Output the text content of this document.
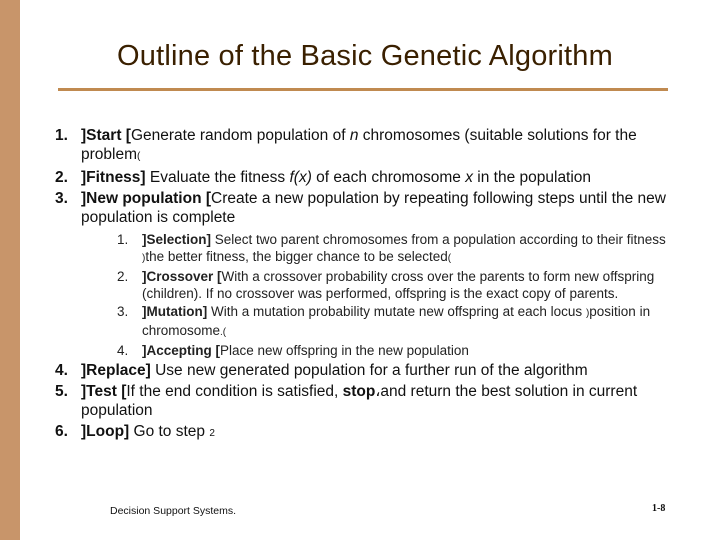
Outline of the Basic Genetic Algorithm
1. ]Start [Generate random population of n chromosomes (suitable solutions for the problem(
2. ]Fitness] Evaluate the fitness f(x) of each chromosome x in the population
3. ]New population [Create a new population by repeating following steps until the new population is complete
1. ]Selection] Select two parent chromosomes from a population according to their fitness )the better fitness, the bigger chance to be selected(
2. ]Crossover [With a crossover probability cross over the parents to form new offspring (children). If no crossover was performed, offspring is the exact copy of parents.
3. ]Mutation] With a mutation probability mutate new offspring at each locus )position in chromosome.(
4. ]Accepting [Place new offspring in the new population
4. ]Replace] Use new generated population for a further run of the algorithm
5. ]Test [If the end condition is satisfied, stop،and return the best solution in current population
6. ]Loop] Go to step 2
Decision Support Systems.	1-8
